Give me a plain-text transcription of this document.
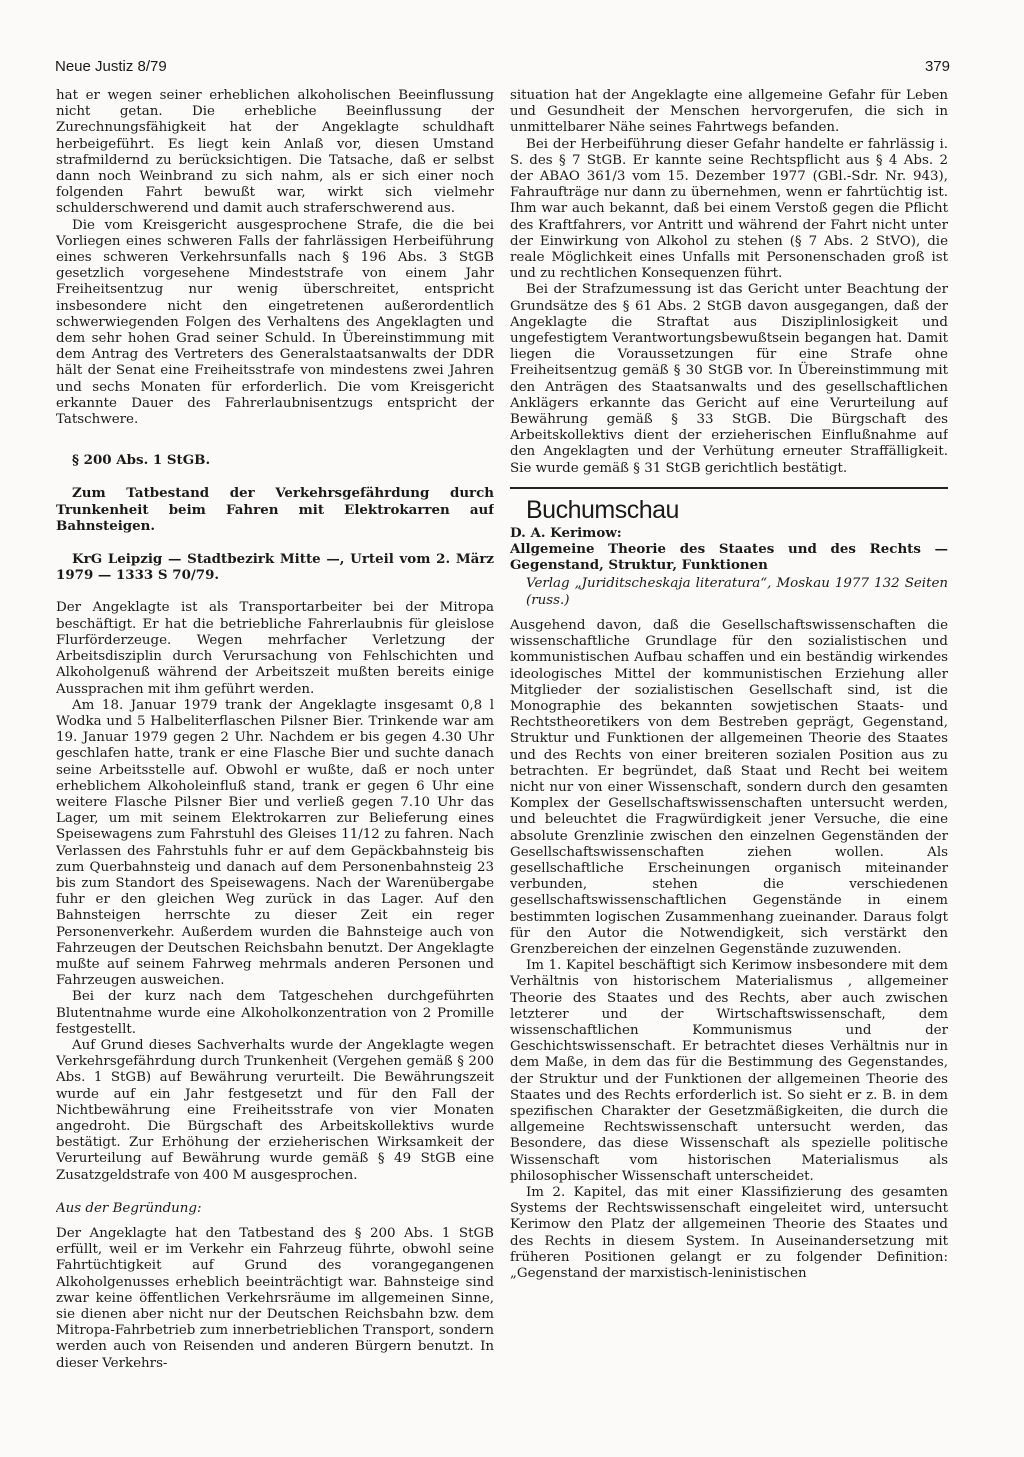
Neue Justiz 8/79	379

hat er wegen seiner erheblichen alkoholischen Beeinflussung nicht getan. Die erhebliche Beeinflussung der Zurechnungsfähigkeit hat der Angeklagte schuldhaft herbeigeführt. Es liegt kein Anlaß vor, diesen Umstand strafmildernd zu berücksichtigen. Die Tatsache, daß er selbst dann noch Weinbrand zu sich nahm, als er sich einer noch folgenden Fahrt bewußt war, wirkt sich vielmehr schulderschwerend und damit auch straferschwerend aus.

Die vom Kreisgericht ausgesprochene Strafe, die die bei Vorliegen eines schweren Falls der fahrlässigen Herbeiführung eines schweren Verkehrsunfalls nach § 196 Abs. 3 StGB gesetzlich vorgesehene Mindeststrafe von einem Jahr Freiheitsentzug nur wenig überschreitet, entspricht insbesondere nicht den eingetretenen außerordentlich schwerwiegenden Folgen des Verhaltens des Angeklagten und dem sehr hohen Grad seiner Schuld. In Übereinstimmung mit dem Antrag des Vertreters des Generalstaatsanwalts der DDR hält der Senat eine Freiheitsstrafe von mindestens zwei Jahren und sechs Monaten für erforderlich. Die vom Kreisgericht erkannte Dauer des Fahrerlaubnisentzugs entspricht der Tatschwere.

§ 200 Abs. 1 StGB.

Zum Tatbestand der Verkehrsgefährdung durch Trunkenheit beim Fahren mit Elektrokarren auf Bahnsteigen.

KrG Leipzig — Stadtbezirk Mitte —, Urteil vom 2. März 1979 — 1333 S 70/79.

Der Angeklagte ist als Transportarbeiter bei der Mitropa beschäftigt. Er hat die betriebliche Fahrerlaubnis für gleislose Flurförderzeuge. Wegen mehrfacher Verletzung der Arbeitsdisziplin durch Verursachung von Fehlschichten und Alkoholgenuß während der Arbeitszeit mußten bereits einige Aussprachen mit ihm geführt werden.

Am 18. Januar 1979 trank der Angeklagte insgesamt 0,8 l Wodka und 5 Halbeliterflaschen Pilsner Bier. Trinkende war am 19. Januar 1979 gegen 2 Uhr. Nachdem er bis gegen 4.30 Uhr geschlafen hatte, trank er eine Flasche Bier und suchte danach seine Arbeitsstelle auf. Obwohl er wußte, daß er noch unter erheblichem Alkoholeinfluß stand, trank er gegen 6 Uhr eine weitere Flasche Pilsner Bier und verließ gegen 7.10 Uhr das Lager, um mit seinem Elektrokarren zur Belieferung eines Speisewagens zum Fahrstuhl des Gleises 11/12 zu fahren. Nach Verlassen des Fahrstuhls fuhr er auf dem Gepäckbahnsteig bis zum Querbahnsteig und danach auf dem Personenbahnsteig 23 bis zum Standort des Speisewagens. Nach der Warenübergabe fuhr er den gleichen Weg zurück in das Lager. Auf den Bahnsteigen herrschte zu dieser Zeit ein reger Personenverkehr. Außerdem wurden die Bahnsteige auch von Fahrzeugen der Deutschen Reichsbahn benutzt. Der Angeklagte mußte auf seinem Fahrweg mehrmals anderen Personen und Fahrzeugen ausweichen.

Bei der kurz nach dem Tatgeschehen durchgeführten Blutentnahme wurde eine Alkoholkonzentration von 2 Promille festgestellt.

Auf Grund dieses Sachverhalts wurde der Angeklagte wegen Verkehrsgefährdung durch Trunkenheit (Vergehen gemäß § 200 Abs. 1 StGB) auf Bewährung verurteilt. Die Bewährungszeit wurde auf ein Jahr festgesetzt und für den Fall der Nichtbewährung eine Freiheitsstrafe von vier Monaten angedroht. Die Bürgschaft des Arbeitskollektivs wurde bestätigt. Zur Erhöhung der erzieherischen Wirksamkeit der Verurteilung auf Bewährung wurde gemäß § 49 StGB eine Zusatzgeldstrafe von 400 M ausgesprochen.

Aus der Begründung:

Der Angeklagte hat den Tatbestand des § 200 Abs. 1 StGB erfüllt, weil er im Verkehr ein Fahrzeug führte, obwohl seine Fahrtüchtigkeit auf Grund des vorangegangenen Alkoholgenusses erheblich beeinträchtigt war. Bahnsteige sind zwar keine öffentlichen Verkehrsräume im allgemeinen Sinne, sie dienen aber nicht nur der Deutschen Reichsbahn bzw. dem Mitropa-Fahrbetrieb zum innerbetrieblichen Transport, sondern werden auch von Reisenden und anderen Bürgern benutzt. In dieser Verkehrs-

situation hat der Angeklagte eine allgemeine Gefahr für Leben und Gesundheit der Menschen hervorgerufen, die sich in unmittelbarer Nähe seines Fahrtwegs befanden.

Bei der Herbeiführung dieser Gefahr handelte er fahrlässig i. S. des § 7 StGB. Er kannte seine Rechtspflicht aus § 4 Abs. 2 der ABAO 361/3 vom 15. Dezember 1977 (GBl.-Sdr. Nr. 943), Fahraufträge nur dann zu übernehmen, wenn er fahrtüchtig ist. Ihm war auch bekannt, daß bei einem Verstoß gegen die Pflicht des Kraftfahrers, vor Antritt und während der Fahrt nicht unter der Einwirkung von Alkohol zu stehen (§ 7 Abs. 2 StVO), die reale Möglichkeit eines Unfalls mit Personenschaden groß ist und zu rechtlichen Konsequenzen führt.

Bei der Strafzumessung ist das Gericht unter Beachtung der Grundsätze des § 61 Abs. 2 StGB davon ausgegangen, daß der Angeklagte die Straftat aus Disziplinlosigkeit und ungefestigtem Verantwortungsbewußtsein begangen hat. Damit liegen die Voraussetzungen für eine Strafe ohne Freiheitsentzug gemäß § 30 StGB vor. In Übereinstimmung mit den Anträgen des Staatsanwalts und des gesellschaftlichen Anklägers erkannte das Gericht auf eine Verurteilung auf Bewährung gemäß § 33 StGB. Die Bürgschaft des Arbeitskollektivs dient der erzieherischen Einflußnahme auf den Angeklagten und der Verhütung erneuter Straffälligkeit. Sie wurde gemäß § 31 StGB gerichtlich bestätigt.

Buchumschau

D. A. Kerimow:

Allgemeine Theorie des Staates und des Rechts — Gegenstand, Struktur, Funktionen

Verlag „Juriditscheskaja literatura“, Moskau 1977 132 Seiten (russ.)

Ausgehend davon, daß die Gesellschaftswissenschaften die wissenschaftliche Grundlage für den sozialistischen und kommunistischen Aufbau schaffen und ein beständig wirkendes ideologisches Mittel der kommunistischen Erziehung aller Mitglieder der sozialistischen Gesellschaft sind, ist die Monographie des bekannten sowjetischen Staats- und Rechtstheoretikers von dem Bestreben geprägt, Gegenstand, Struktur und Funktionen der allgemeinen Theorie des Staates und des Rechts von einer breiteren sozialen Position aus zu betrachten. Er begründet, daß Staat und Recht bei weitem nicht nur von einer Wissenschaft, sondern durch den gesamten Komplex der Gesellschaftswissenschaften untersucht werden, und beleuchtet die Fragwürdigkeit jener Versuche, die eine absolute Grenzlinie zwischen den einzelnen Gegenständen der Gesellschaftswissenschaften ziehen wollen. Als gesellschaftliche Erscheinungen organisch miteinander verbunden, stehen die verschiedenen gesellschaftswissenschaftlichen Gegenstände in einem bestimmten logischen Zusammenhang zueinander. Daraus folgt für den Autor die Notwendigkeit, sich verstärkt den Grenzbereichen der einzelnen Gegenstände zuzuwenden.

Im 1. Kapitel beschäftigt sich Kerimow insbesondere mit dem Verhältnis von historischem Materialismus , allgemeiner Theorie des Staates und des Rechts, aber auch zwischen letzterer und der Wirtschaftswissenschaft, dem wissenschaftlichen Kommunismus und der Geschichtswissenschaft. Er betrachtet dieses Verhältnis nur in dem Maße, in dem das für die Bestimmung des Gegenstandes, der Struktur und der Funktionen der allgemeinen Theorie des Staates und des Rechts erforderlich ist. So sieht er z. B. in dem spezifischen Charakter der Gesetzmäßigkeiten, die durch die allgemeine Rechtswissenschaft untersucht werden, das Besondere, das diese Wissenschaft als spezielle politische Wissenschaft vom historischen Materialismus als philosophischer Wissenschaft unterscheidet.

Im 2. Kapitel, das mit einer Klassifizierung des gesamten Systems der Rechtswissenschaft eingeleitet wird, untersucht Kerimow den Platz der allgemeinen Theorie des Staates und des Rechts in diesem System. In Auseinandersetzung mit früheren Positionen gelangt er zu folgender Definition: „Gegenstand der marxistisch-leninistischen
